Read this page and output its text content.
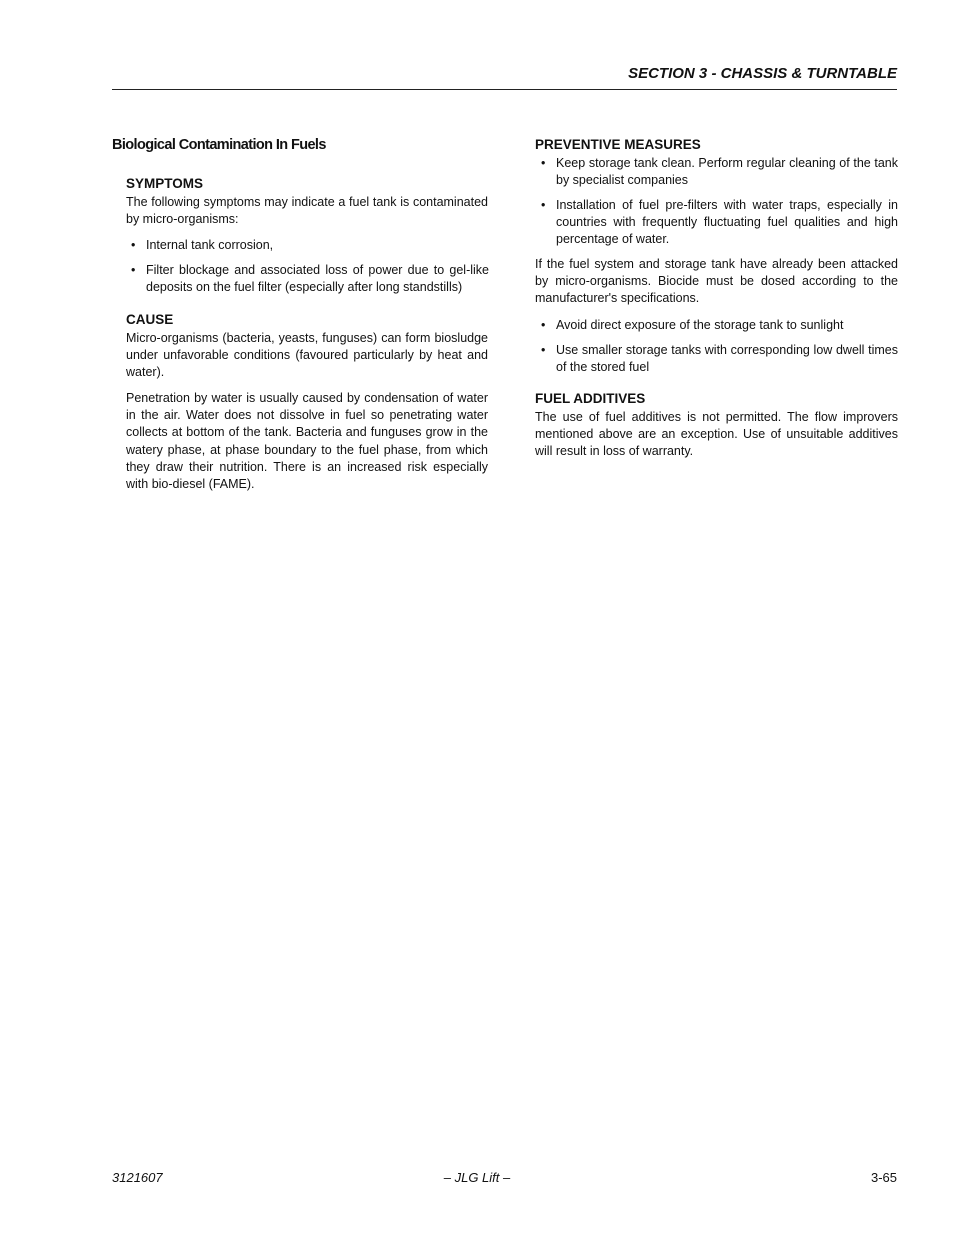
SECTION 3 - CHASSIS & TURNTABLE
Biological Contamination In Fuels
SYMPTOMS

The following symptoms may indicate a fuel tank is contaminated by micro-organisms:

• Internal tank corrosion,
• Filter blockage and associated loss of power due to gel-like deposits on the fuel filter (especially after long standstills)
CAUSE

Micro-organisms (bacteria, yeasts, funguses) can form biosludge under unfavorable conditions (favoured particularly by heat and water).

Penetration by water is usually caused by condensation of water in the air. Water does not dissolve in fuel so penetrating water collects at bottom of the tank. Bacteria and funguses grow in the watery phase, at phase boundary to the fuel phase, from which they draw their nutrition. There is an increased risk especially with bio-diesel (FAME).

PREVENTIVE MEASURES
• Keep storage tank clean. Perform regular cleaning of the tank by specialist companies
• Installation of fuel pre-filters with water traps, especially in countries with frequently fluctuating fuel qualities and high percentage of water.

If the fuel system and storage tank have already been attacked by micro-organisms. Biocide must be dosed according to the manufacturer's specifications.

• Avoid direct exposure of the storage tank to sunlight
• Use smaller storage tanks with corresponding low dwell times of the stored fuel
FUEL ADDITIVES

The use of fuel additives is not permitted. The flow improvers mentioned above are an exception. Use of unsuitable additives will result in loss of warranty.

3121607	– JLG Lift –	3-65
